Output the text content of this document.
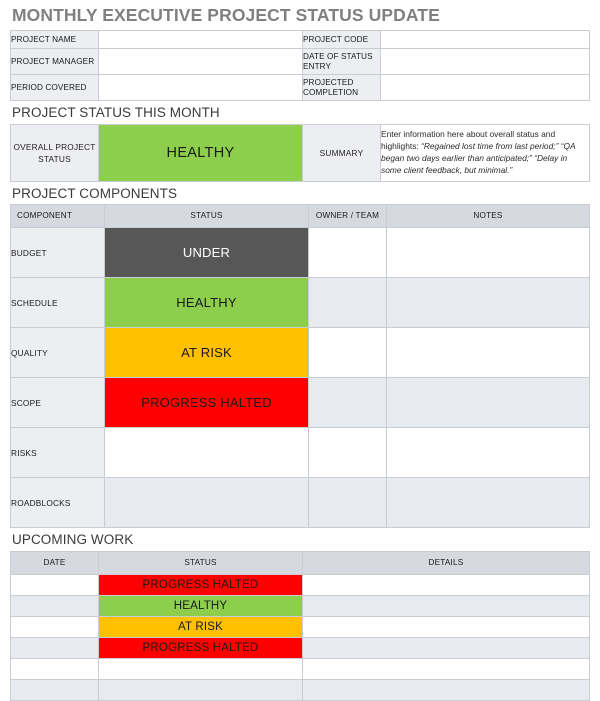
MONTHLY EXECUTIVE PROJECT STATUS UPDATE
PROJECT NAME		PROJECT CODE	
PROJECT MANAGER		DATE OF STATUS ENTRY	
PERIOD COVERED		PROJECTED COMPLETION	
PROJECT STATUS THIS MONTH
OVERALL PROJECT STATUS	HEALTHY	SUMMARY	Enter information here about overall status and highlights: “Regained lost time from last period;” “QA began two days earlier than anticipated;” “Delay in some client feedback, but minimal.”
PROJECT COMPONENTS
COMPONENT	STATUS	OWNER / TEAM	NOTES
BUDGET	UNDER		
SCHEDULE	HEALTHY		
QUALITY	AT RISK		
SCOPE	PROGRESS HALTED		
RISKS			
ROADBLOCKS			
UPCOMING WORK
DATE	STATUS	DETAILS
	PROGRESS HALTED	
	HEALTHY	
	AT RISK	
	PROGRESS HALTED	
